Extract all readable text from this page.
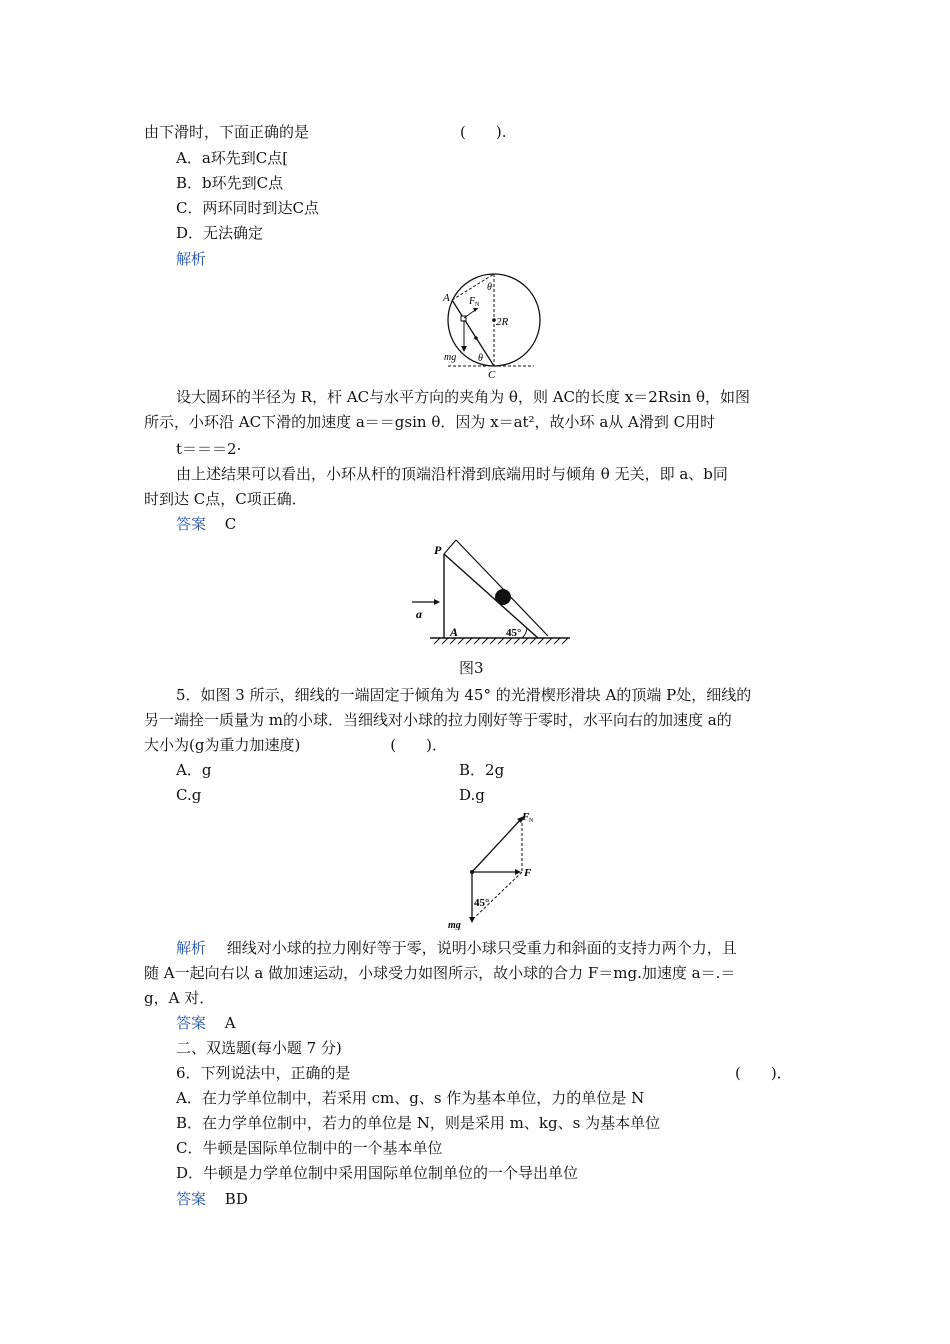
由下滑时，下面正确的是	(　　).
A．a环先到C点[
B．b环先到C点
C．两环同时到达C点
D．无法确定
解析
A F N
θ
2R
mg θ
C
设大圆环的半径为 R，杆 AC与水平方向的夹角为 θ，则 AC的长度 x＝2Rsin θ，如图
所示，小环沿 AC下滑的加速度 a＝＝gsin θ．因为 x＝at²，故小环 a从 A滑到 C用时
t＝＝＝2·
由上述结果可以看出，小环从杆的顶端沿杆滑到底端用时与倾角 θ 无关，即 a、b同
时到达 C点，C项正确．
答案 C
P
a
A	45°
图3
5．如图 3 所示，细线的一端固定于倾角为 45° 的光滑楔形滑块 A的顶端 P处，细线的
另一端拴一质量为 m的小球．当细线对小球的拉力刚好等于零时，水平向右的加速度 a的
大小为(g为重力加速度)　　　　　　(　　)．
A．g	B．2g
C.g	D.g
F N
F
45°
mg
解析 细线对小球的拉力刚好等于零，说明小球只受重力和斜面的支持力两个力，且
随 A一起向右以 a 做加速运动，小球受力如图所示，故小球的合力 F＝mg.加速度 a＝.＝
g，A 对．
答案 A
二、双选题(每小题 7 分)
6．下列说法中，正确的是	(　　)．
A．在力学单位制中，若采用 cm、g、s 作为基本单位，力的单位是 N
B．在力学单位制中，若力的单位是 N，则是采用 m、kg、s 为基本单位
C．牛顿是国际单位制中的一个基本单位
D．牛顿是力学单位制中采用国际单位制单位的一个导出单位
答案 BD
